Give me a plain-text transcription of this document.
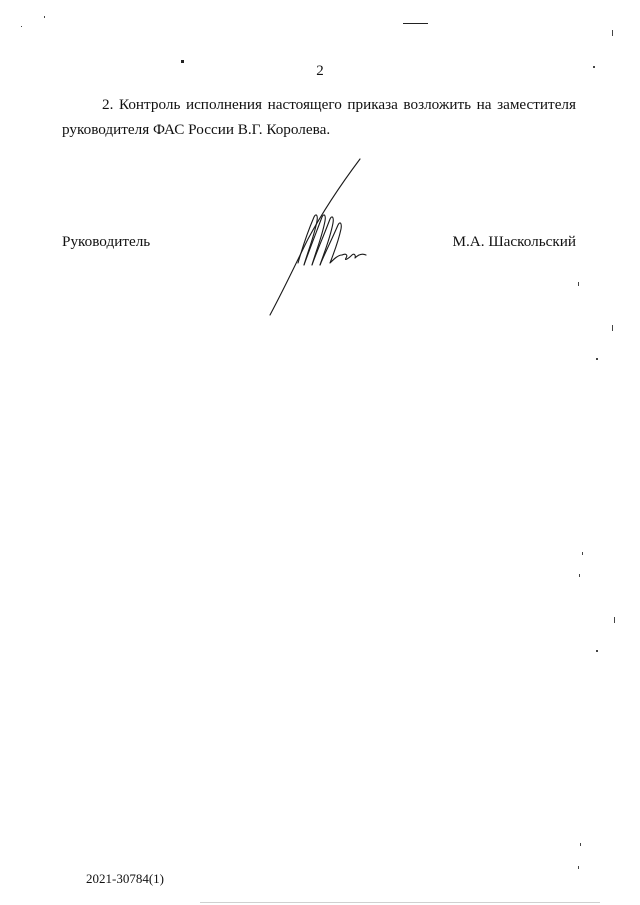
2

2. Контроль исполнения настоящего приказа возложить на заместителя руководителя ФАС России В.Г. Королева.

Руководитель	М.А. Шаскольский
2021-30784(1)
